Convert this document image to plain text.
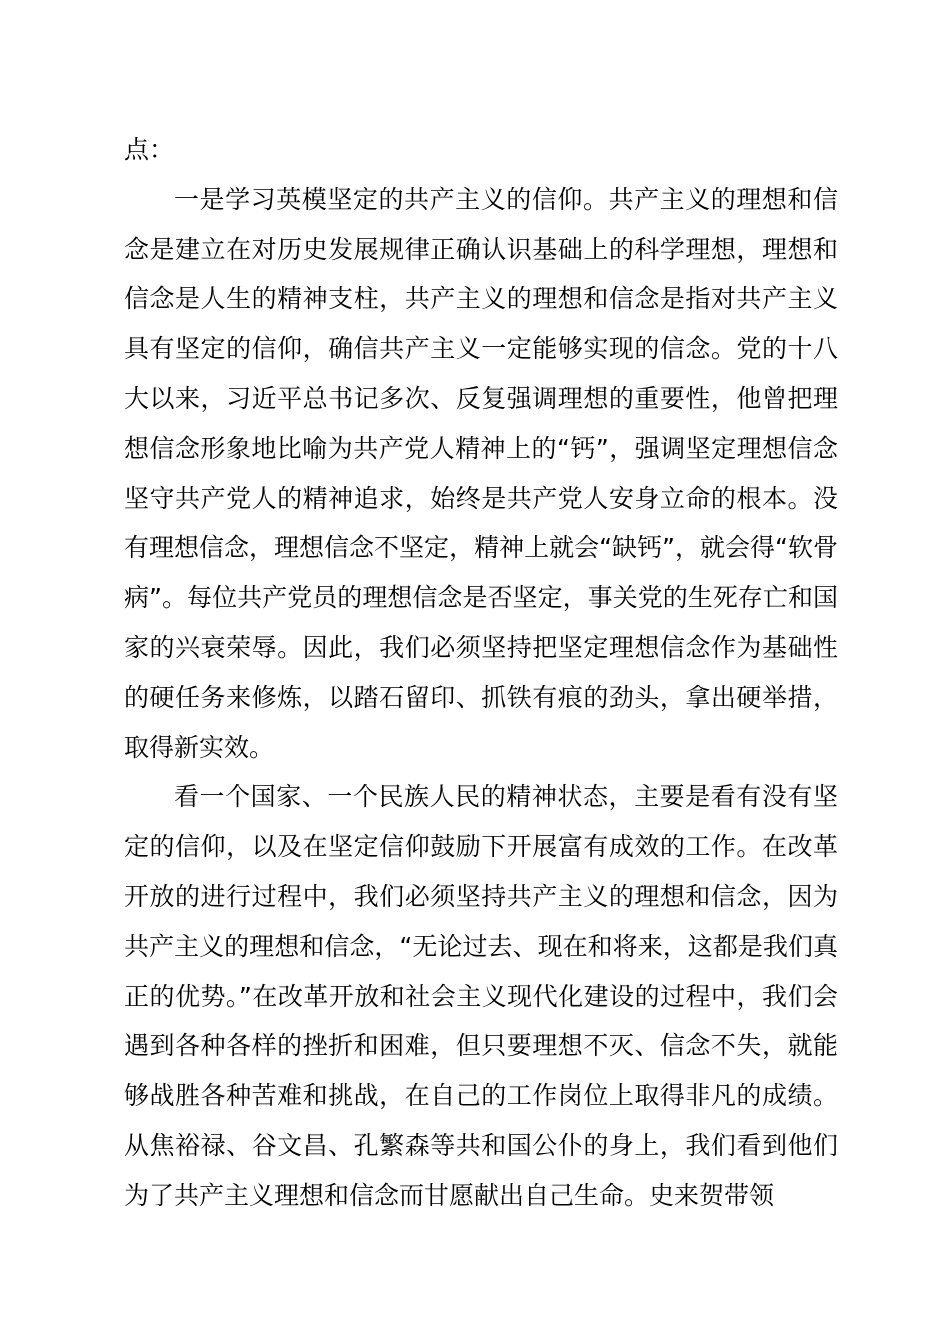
点：

一是学习英模坚定的共产主义的信仰。共产主义的理想和信念是建立在对历史发展规律正确认识基础上的科学理想，理想和信念是人生的精神支柱，共产主义的理想和信念是指对共产主义具有坚定的信仰，确信共产主义一定能够实现的信念。党的十八大以来，习近平总书记多次、反复强调理想的重要性，他曾把理想信念形象地比喻为共产党人精神上的“钙”，强调坚定理想信念坚守共产党人的精神追求，始终是共产党人安身立命的根本。没有理想信念，理想信念不坚定，精神上就会“缺钙”，就会得“软骨病”。每位共产党员的理想信念是否坚定，事关党的生死存亡和国家的兴衰荣辱。因此，我们必须坚持把坚定理想信念作为基础性的硬任务来修炼，以踏石留印、抓铁有痕的劲头，拿出硬举措，取得新实效。

看一个国家、一个民族人民的精神状态，主要是看有没有坚定的信仰，以及在坚定信仰鼓励下开展富有成效的工作。在改革开放的进行过程中，我们必须坚持共产主义的理想和信念，因为共产主义的理想和信念，“无论过去、现在和将来，这都是我们真正的优势。”在改革开放和社会主义现代化建设的过程中，我们会遇到各种各样的挫折和困难，但只要理想不灭、信念不失，就能够战胜各种苦难和挑战，在自己的工作岗位上取得非凡的成绩。从焦裕禄、谷文昌、孔繁森等共和国公仆的身上，我们看到他们为了共产主义理想和信念而甘愿献出自己生命。史来贺带领
